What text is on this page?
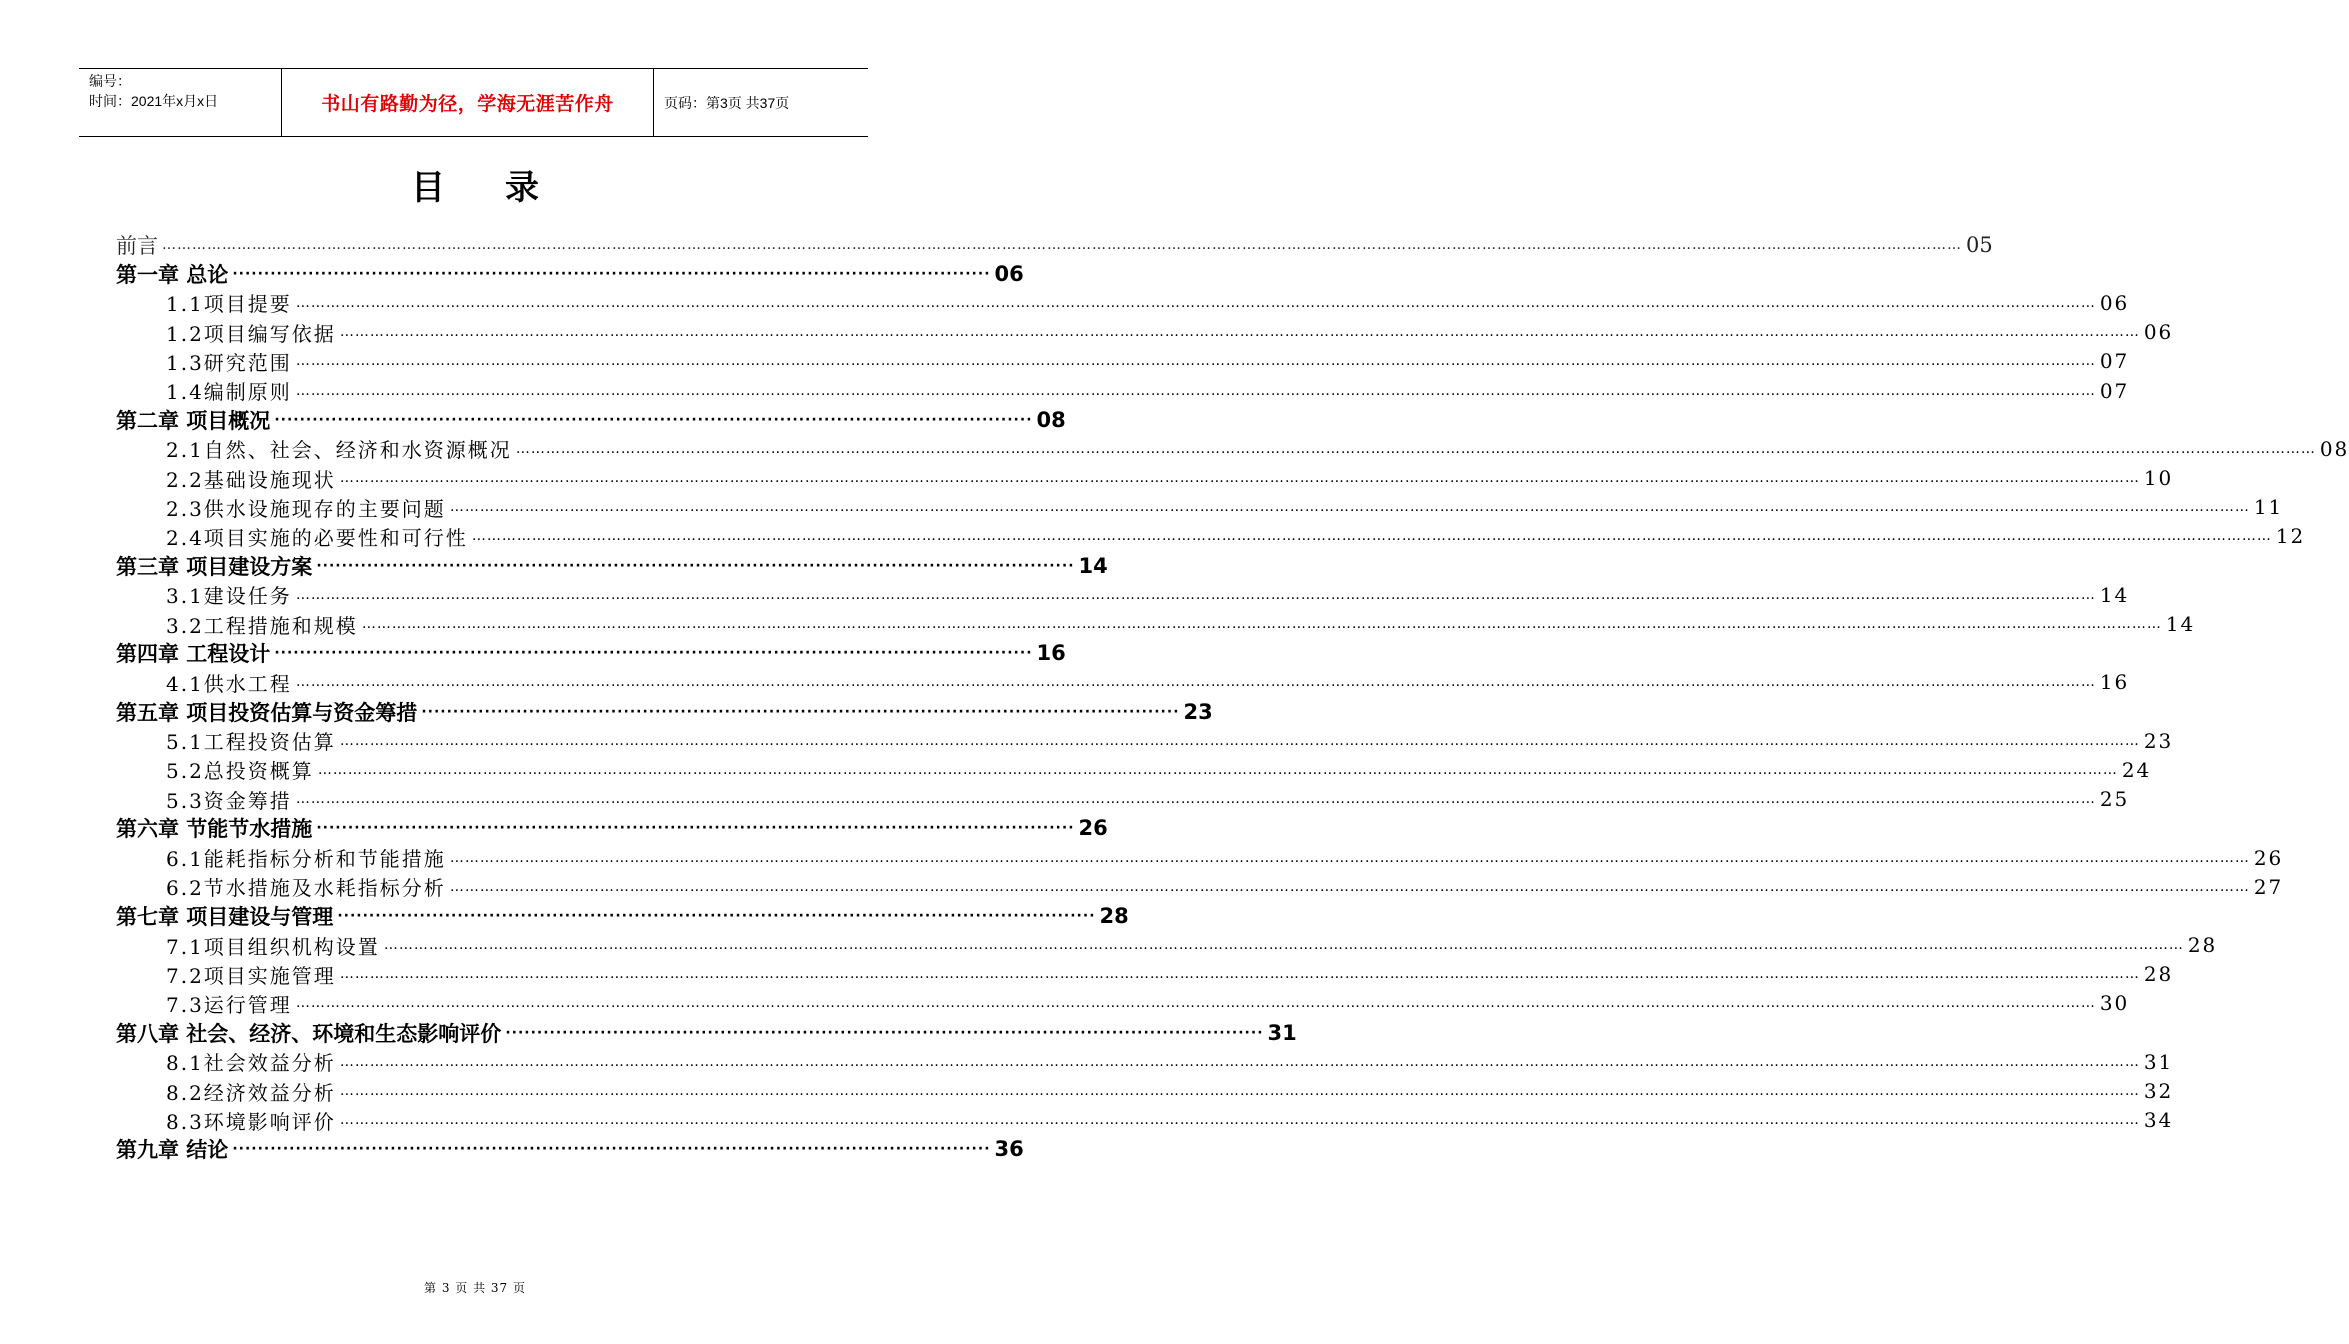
编号：
时间：2021年x月x日	书山有路勤为径，学海无涯苦作舟	页码：第3页 共37页
目录
前言 ……………………………………………………………………………………………………………………………………………………………………………………………………………………………………………………………………………………………………………………………… 05
第一章 总论 ························································································································ 06
1.1项目提要 ……………………………………………………………………………………………………………………………………………………………………………………………………………………………………………………………………………………………………………………………… 06
1.2项目编写依据 ……………………………………………………………………………………………………………………………………………………………………………………………………………………………………………………………………………………………………………………………… 06
1.3研究范围 ……………………………………………………………………………………………………………………………………………………………………………………………………………………………………………………………………………………………………………………………… 07
1.4编制原则 ……………………………………………………………………………………………………………………………………………………………………………………………………………………………………………………………………………………………………………………………… 07
第二章 项目概况 ························································································································ 08
2.1自然、社会、经济和水资源概况 ……………………………………………………………………………………………………………………………………………………………………………………………………………………………………………………………………………………………………………………………… 08
2.2基础设施现状 ……………………………………………………………………………………………………………………………………………………………………………………………………………………………………………………………………………………………………………………………… 10
2.3供水设施现存的主要问题 ……………………………………………………………………………………………………………………………………………………………………………………………………………………………………………………………………………………………………………………………… 11
2.4项目实施的必要性和可行性 ……………………………………………………………………………………………………………………………………………………………………………………………………………………………………………………………………………………………………………………………… 12
第三章 项目建设方案 ························································································································ 14
3.1建设任务 ……………………………………………………………………………………………………………………………………………………………………………………………………………………………………………………………………………………………………………………………… 14
3.2工程措施和规模 ……………………………………………………………………………………………………………………………………………………………………………………………………………………………………………………………………………………………………………………………… 14
第四章 工程设计 ························································································································ 16
4.1供水工程 ……………………………………………………………………………………………………………………………………………………………………………………………………………………………………………………………………………………………………………………………… 16
第五章 项目投资估算与资金筹措 ························································································································ 23
5.1工程投资估算 ……………………………………………………………………………………………………………………………………………………………………………………………………………………………………………………………………………………………………………………………… 23
5.2总投资概算 ……………………………………………………………………………………………………………………………………………………………………………………………………………………………………………………………………………………………………………………………… 24
5.3资金筹措 ……………………………………………………………………………………………………………………………………………………………………………………………………………………………………………………………………………………………………………………………… 25
第六章 节能节水措施 ························································································································ 26
6.1能耗指标分析和节能措施 ……………………………………………………………………………………………………………………………………………………………………………………………………………………………………………………………………………………………………………………………… 26
6.2节水措施及水耗指标分析 ……………………………………………………………………………………………………………………………………………………………………………………………………………………………………………………………………………………………………………………………… 27
第七章 项目建设与管理 ························································································································ 28
7.1项目组织机构设置 ……………………………………………………………………………………………………………………………………………………………………………………………………………………………………………………………………………………………………………………………… 28
7.2项目实施管理 ……………………………………………………………………………………………………………………………………………………………………………………………………………………………………………………………………………………………………………………………… 28
7.3运行管理 ……………………………………………………………………………………………………………………………………………………………………………………………………………………………………………………………………………………………………………………………… 30
第八章 社会、经济、环境和生态影响评价 ························································································································ 31
8.1社会效益分析 ……………………………………………………………………………………………………………………………………………………………………………………………………………………………………………………………………………………………………………………………… 31
8.2经济效益分析 ……………………………………………………………………………………………………………………………………………………………………………………………………………………………………………………………………………………………………………………………… 32
8.3环境影响评价 ……………………………………………………………………………………………………………………………………………………………………………………………………………………………………………………………………………………………………………………………… 34
第九章 结论 ························································································································ 36
第 3 页 共 37 页
